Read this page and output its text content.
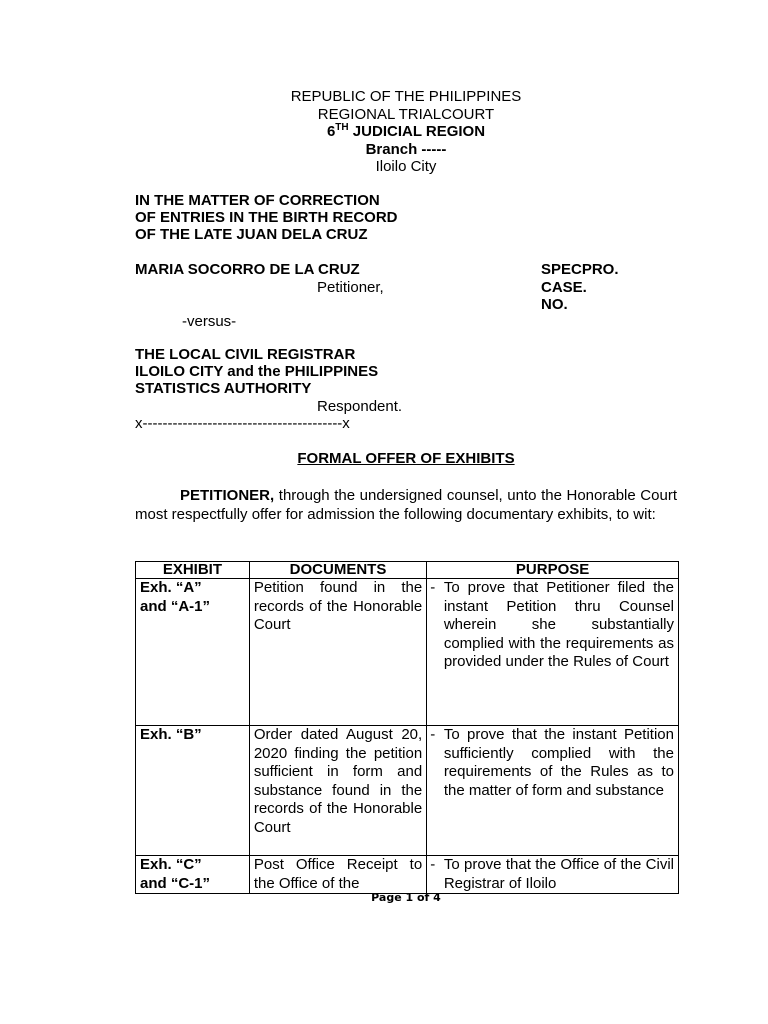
REPUBLIC OF THE PHILIPPINES
REGIONAL TRIALCOURT
6TH JUDICIAL REGION
Branch -----
Iloilo City
IN THE MATTER OF CORRECTION
OF ENTRIES IN THE BIRTH RECORD
OF THE LATE JUAN DELA CRUZ
MARIA SOCORRO DE LA CRUZ
Petitioner,
SPECPRO.
CASE.
NO.
-versus-
THE LOCAL CIVIL REGISTRAR
ILOILO CITY and the PHILIPPINES
STATISTICS AUTHORITY
Respondent.
x----------------------------------------x
FORMAL OFFER OF EXHIBITS
PETITIONER, through the undersigned counsel, unto the Honorable Court most respectfully offer for admission the following documentary exhibits, to wit:
EXHIBIT	DOCUMENTS	PURPOSE	

Exh. “A”
and “A-1”	Petition found in the records of the Honorable Court	-	To prove that Petitioner filed the instant Petition thru Counsel wherein she substantially complied with the requirements as provided under the Rules of Court

Exh. “B”	Order dated August 20, 2020 finding the petition sufficient in form and substance found in the records of the Honorable Court	-	To prove that the instant Petition sufficiently complied with the requirements of the Rules as to the matter of form and substance

Exh. “C”
and “C-1”	Post Office Receipt to the Office of the	-	To prove that the Office of the Civil Registrar of Iloilo
Page 1 of 4
